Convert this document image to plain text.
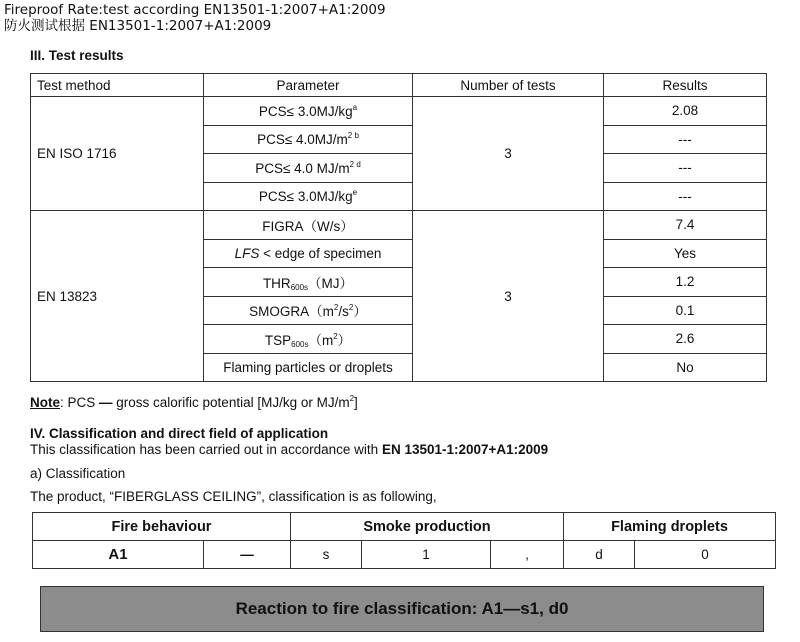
Fireproof Rate:test according EN13501-1:2007+A1:2009
防火测试根据 EN13501-1:2007+A1:2009
III. Test results
Test method	Parameter	Number of tests	Results
EN ISO 1716	$PCS\le 3.0MJ/kg^a$	3	2.08
	$PCS\le 4.0MJ/m^{2 b}$		---
	PCS≤ 4.0 $MJ/m^{2 d}$		---
	$PCS\le 3.0MJ/kg^e$		---
EN 13823	FIGRA（W/s）	3	7.4
	LFS < edge of specimen		Yes
	$THR_{600s}(MJ)$		1.2
	$SMOGRA(m^2/s^2)$		0.1
	$TSP_{600s}(m^2)$		2.6
	Flaming particles or droplets		No
Note: PCS — gross calorific potential [MJ/kg or $MJ/m^2$]
IV. Classification and direct field of application
This classification has been carried out in accordance with EN 13501-1:2007+A1:2009
a) Classification
The product, “FIBERGLASS CEILING”, classification is as following,
Fire behaviour		Smoke production			Flaming droplets	
A1	—	s	1	,	d	0
Reaction to fire classification: A1—s1, d0
